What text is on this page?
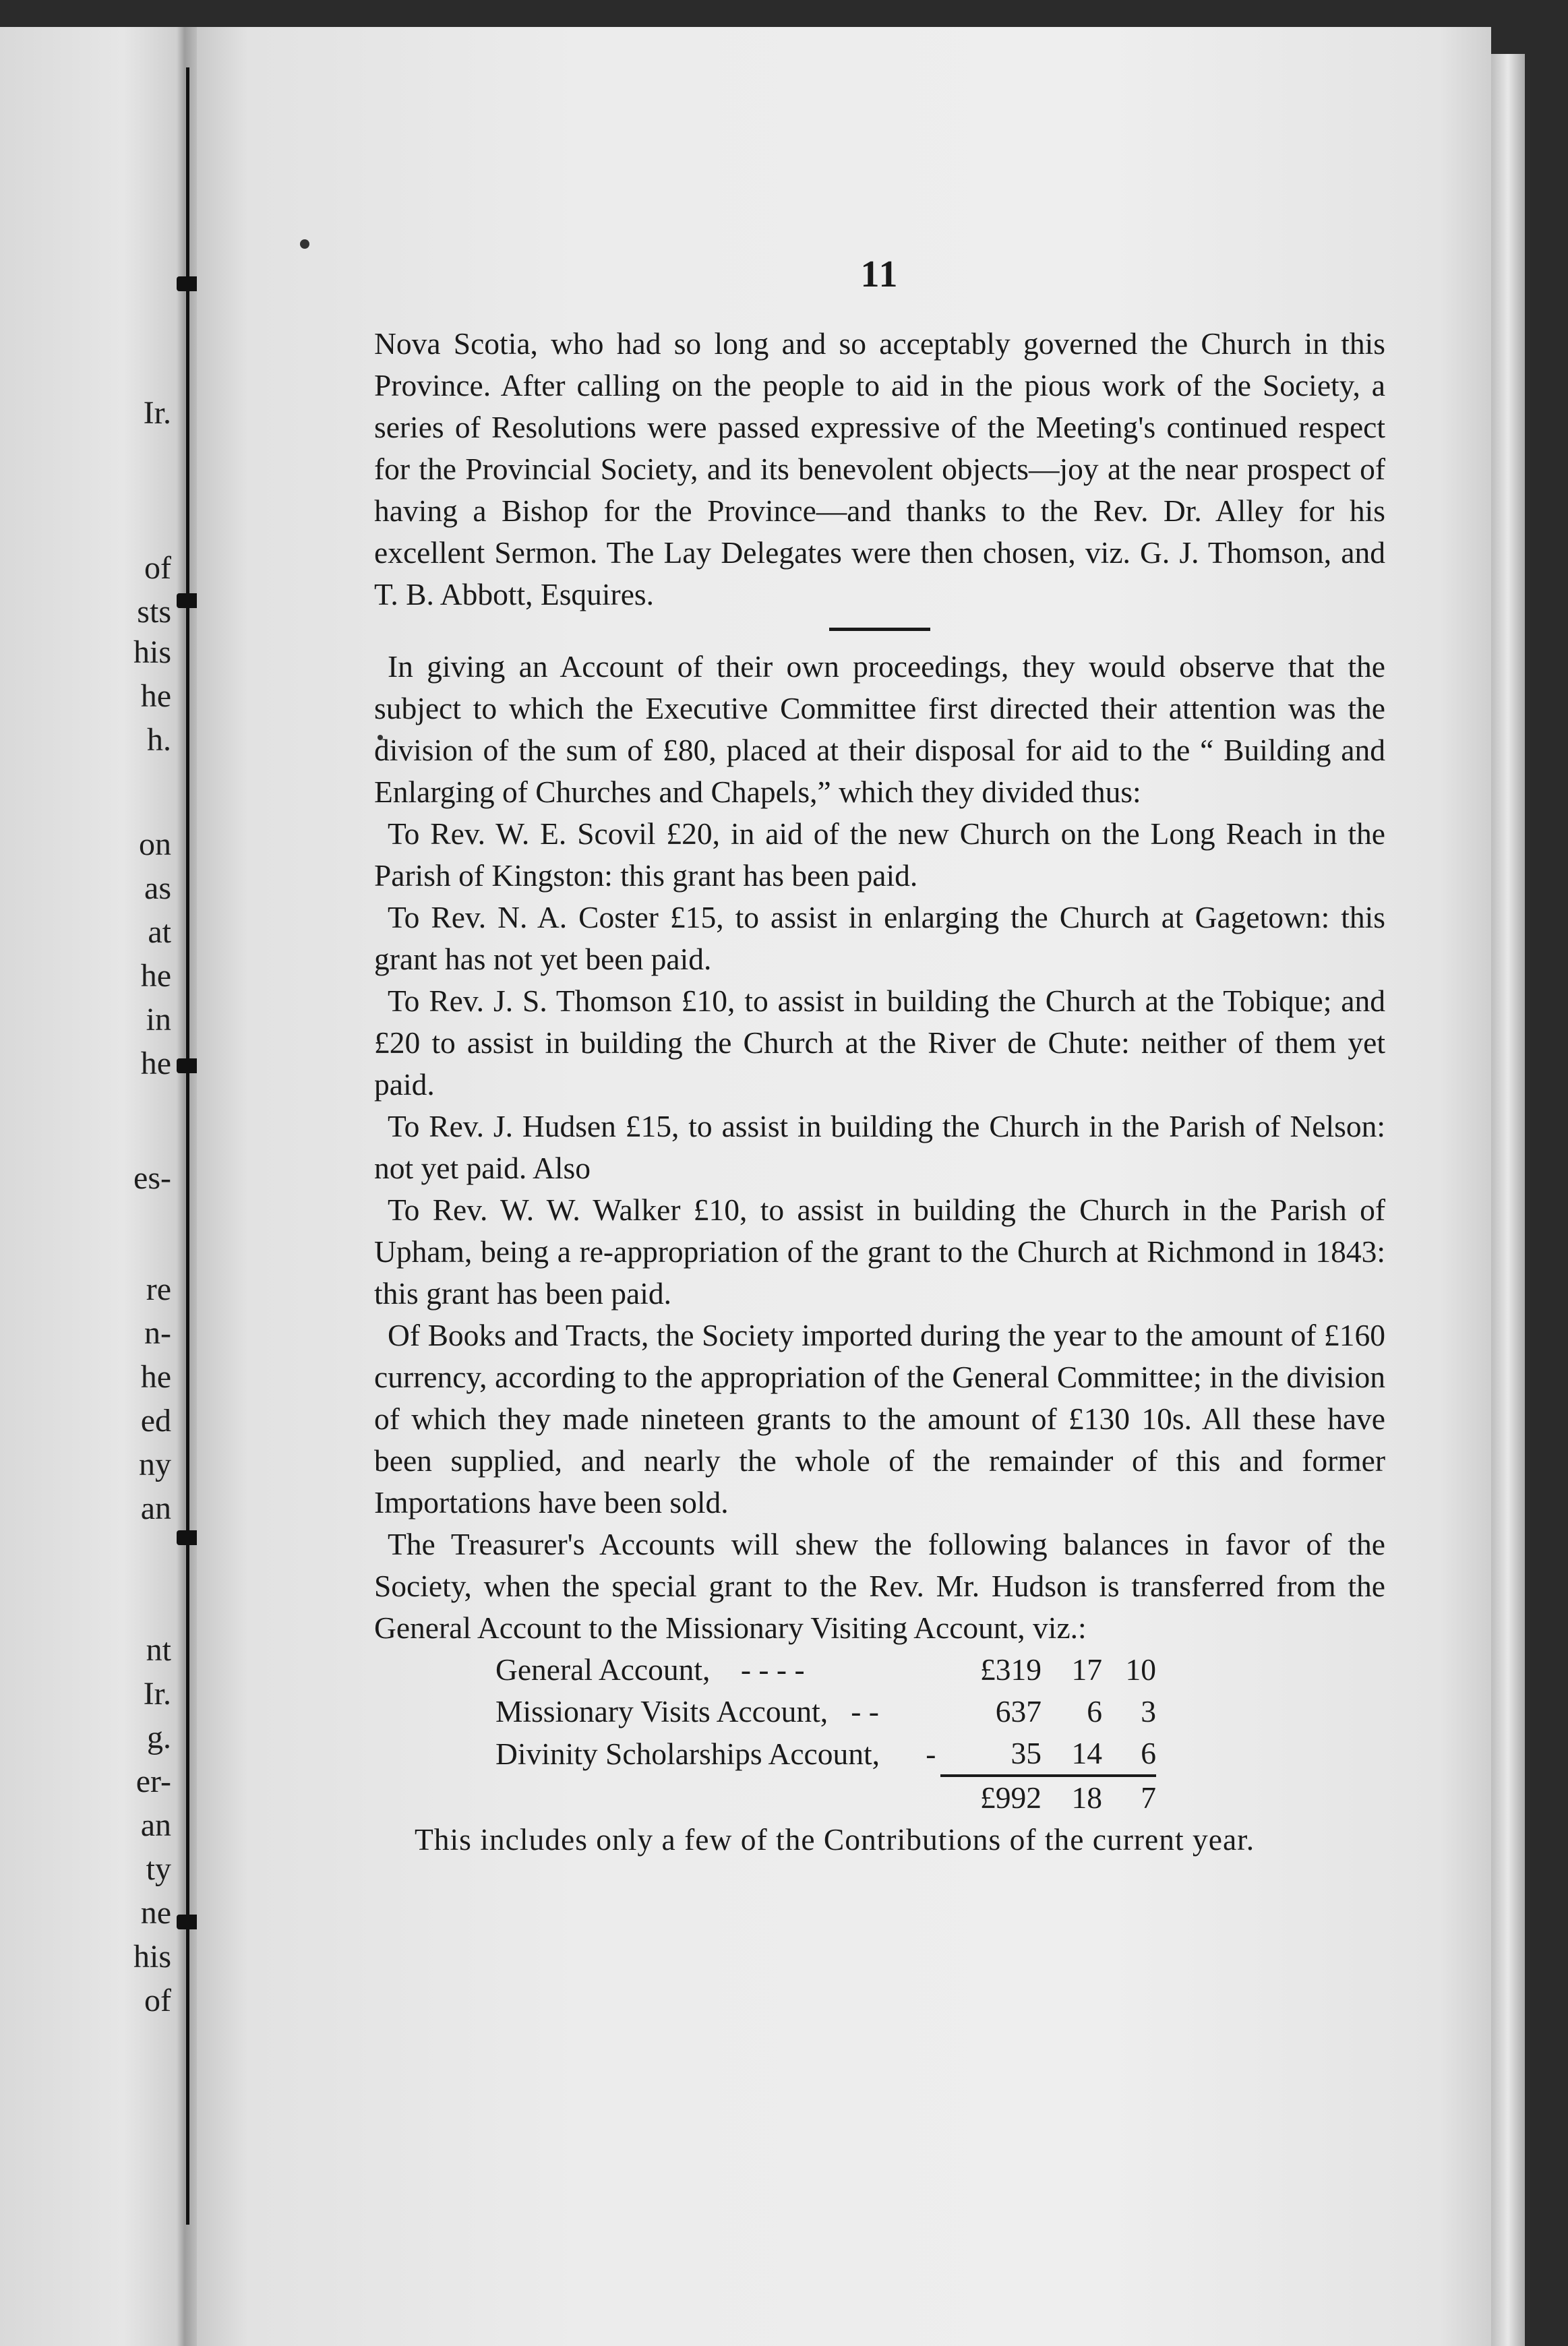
Ir.
of
sts
his
he
h.
on
as
at
he
in
he
es-
re
n-
he
ed
ny
an
nt
Ir.
g.
er-
an
ty
ne
his
of
11

Nova Scotia, who had so long and so acceptably governed the Church in this Province. After calling on the people to aid in the pious work of the Society, a series of Resolutions were passed expressive of the Meeting's continued respect for the Provincial Society, and its benevolent objects—joy at the near prospect of having a Bishop for the Province—and thanks to the Rev. Dr. Alley for his excellent Sermon. The Lay Delegates were then chosen, viz. G. J. Thomson, and T. B. Abbott, Esquires.

In giving an Account of their own proceedings, they would observe that the subject to which the Executive Committee first directed their attention was the division of the sum of £80, placed at their disposal for aid to the “ Building and Enlarging of Churches and Chapels,” which they divided thus:

To Rev. W. E. Scovil £20, in aid of the new Church on the Long Reach in the Parish of Kingston: this grant has been paid.

To Rev. N. A. Coster £15, to assist in enlarging the Church at Gagetown: this grant has not yet been paid.

To Rev. J. S. Thomson £10, to assist in building the Church at the Tobique; and £20 to assist in building the Church at the River de Chute: neither of them yet paid.

To Rev. J. Hudsen £15, to assist in building the Church in the Parish of Nelson: not yet paid. Also

To Rev. W. W. Walker £10, to assist in building the Church in the Parish of Upham, being a re-appropriation of the grant to the Church at Richmond in 1843: this grant has been paid.

Of Books and Tracts, the Society imported during the year to the amount of £160 currency, according to the appropriation of the General Committee; in the division of which they made nineteen grants to the amount of £130 10s. All these have been supplied, and nearly the whole of the remainder of this and former Importations have been sold.

The Treasurer's Accounts will shew the following balances in favor of the Society, when the special grant to the Rev. Mr. Hudson is transferred from the General Account to the Missionary Visiting Account, viz.:

General Account, - - - -	£319	17	10
Missionary Visits Account, - -	637	6	3
Divinity Scholarships Account, -	35	14	6
	£992	18	7

This includes only a few of the Contributions of the current year.
